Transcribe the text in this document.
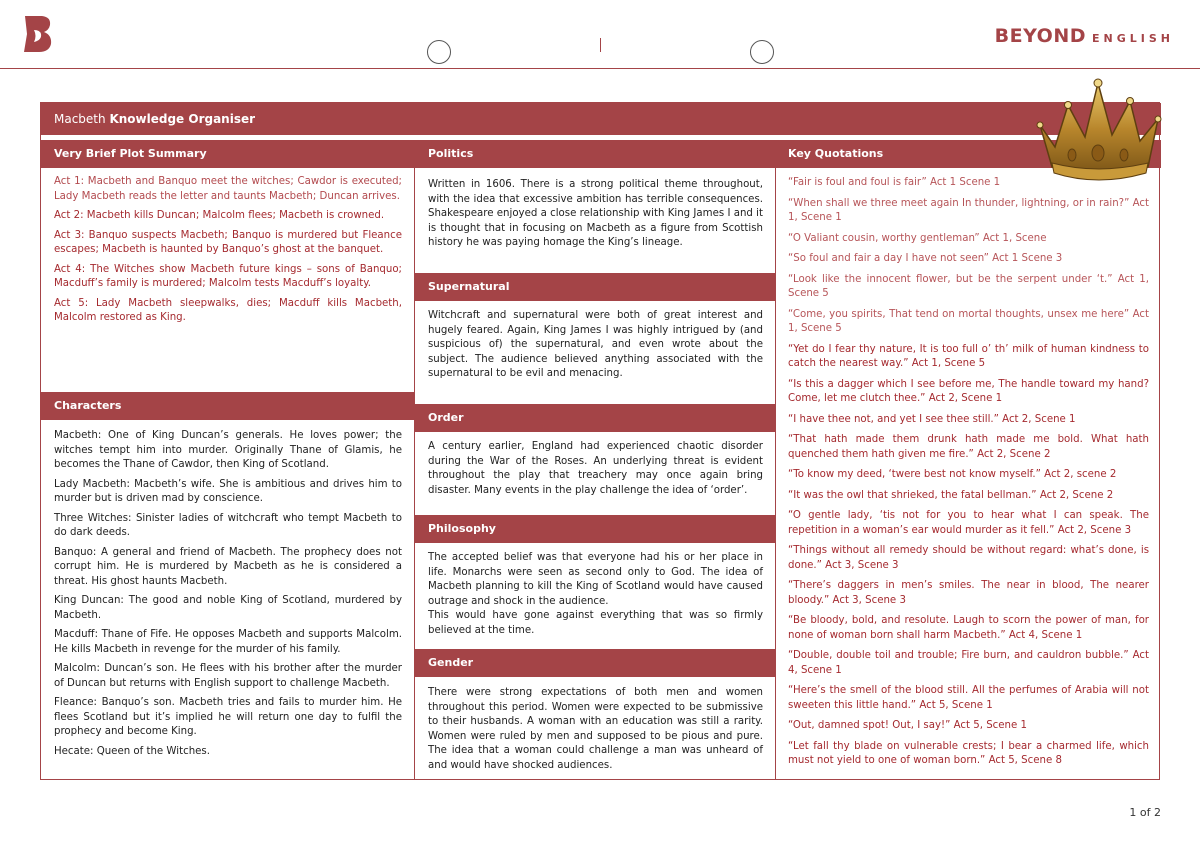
BEYOND ENGLISH
Macbeth Knowledge Organiser
Very Brief Plot Summary

Act 1: Macbeth and Banquo meet the witches; Cawdor is executed; Lady Macbeth reads the letter and taunts Macbeth; Duncan arrives.

Act 2: Macbeth kills Duncan; Malcolm flees; Macbeth is crowned.

Act 3: Banquo suspects Macbeth; Banquo is murdered but Fleance escapes; Macbeth is haunted by Banquo’s ghost at the banquet.

Act 4: The Witches show Macbeth future kings – sons of Banquo; Macduff’s family is murdered; Malcolm tests Macduff’s loyalty.

Act 5: Lady Macbeth sleepwalks, dies; Macduff kills Macbeth, Malcolm restored as King.

Characters

Macbeth: One of King Duncan’s generals. He loves power; the witches tempt him into murder. Originally Thane of Glamis, he becomes the Thane of Cawdor, then King of Scotland.

Lady Macbeth: Macbeth’s wife. She is ambitious and drives him to murder but is driven mad by conscience.

Three Witches: Sinister ladies of witchcraft who tempt Macbeth to do dark deeds.

Banquo: A general and friend of Macbeth. The prophecy does not corrupt him. He is murdered by Macbeth as he is considered a threat. His ghost haunts Macbeth.

King Duncan: The good and noble King of Scotland, murdered by Macbeth.

Macduff: Thane of Fife. He opposes Macbeth and supports Malcolm. He kills Macbeth in revenge for the murder of his family.

Malcolm: Duncan’s son. He flees with his brother after the murder of Duncan but returns with English support to challenge Macbeth.

Fleance: Banquo’s son. Macbeth tries and fails to murder him. He flees Scotland but it’s implied he will return one day to fulfil the prophecy and become King.

Hecate: Queen of the Witches.

Politics

Written in 1606. There is a strong political theme throughout, with the idea that excessive ambition has terrible consequences. Shakespeare enjoyed a close relationship with King James I and it is thought that in focusing on Macbeth as a figure from Scottish history he was paying homage the King’s lineage.

Supernatural

Witchcraft and supernatural were both of great interest and hugely feared. Again, King James I was highly intrigued by (and suspicious of) the supernatural, and even wrote about the subject. The audience believed anything associated with the supernatural to be evil and menacing.

Order

A century earlier, England had experienced chaotic disorder during the War of the Roses. An underlying threat is evident throughout the play that treachery may once again bring disaster. Many events in the play challenge the idea of ‘order’.

Philosophy

The accepted belief was that everyone had his or her place in life. Monarchs were seen as second only to God. The idea of Macbeth planning to kill the King of Scotland would have caused outrage and shock in the audience.

This would have gone against everything that was so firmly believed at the time.

Gender

There were strong expectations of both men and women throughout this period. Women were expected to be submissive to their husbands. A woman with an education was still a rarity. Women were ruled by men and supposed to be pious and pure. The idea that a woman could challenge a man was unheard of and would have shocked audiences.

Key Quotations

“Fair is foul and foul is fair” Act 1 Scene 1

“When shall we three meet again In thunder, lightning, or in rain?” Act 1, Scene 1

“O Valiant cousin, worthy gentleman” Act 1, Scene

“So foul and fair a day I have not seen” Act 1 Scene 3

“Look like the innocent flower, but be the serpent under ‘t.” Act 1, Scene 5

“Come, you spirits, That tend on mortal thoughts, unsex me here” Act 1, Scene 5

“Yet do I fear thy nature, It is too full o’ th’ milk of human kindness to catch the nearest way.” Act 1, Scene 5

“Is this a dagger which I see before me, The handle toward my hand? Come, let me clutch thee.” Act 2, Scene 1

“I have thee not, and yet I see thee still.” Act 2, Scene 1

“That hath made them drunk hath made me bold. What hath quenched them hath given me fire.” Act 2, Scene 2

“To know my deed, ‘twere best not know myself.” Act 2, scene 2

“It was the owl that shrieked, the fatal bellman.” Act 2, Scene 2

“O gentle lady, ‘tis not for you to hear what I can speak. The repetition in a woman’s ear would murder as it fell.” Act 2, Scene 3

“Things without all remedy should be without regard: what’s done, is done.” Act 3, Scene 3

“There’s daggers in men’s smiles. The near in blood, The nearer bloody.” Act 3, Scene 3

“Be bloody, bold, and resolute. Laugh to scorn the power of man, for none of woman born shall harm Macbeth.” Act 4, Scene 1

“Double, double toil and trouble; Fire burn, and cauldron bubble.” Act 4, Scene 1

“Here’s the smell of the blood still. All the perfumes of Arabia will not sweeten this little hand.” Act 5, Scene 1

“Out, damned spot! Out, I say!” Act 5, Scene 1

“Let fall thy blade on vulnerable crests; I bear a charmed life, which must not yield to one of woman born.” Act 5, Scene 8

1 of 2
